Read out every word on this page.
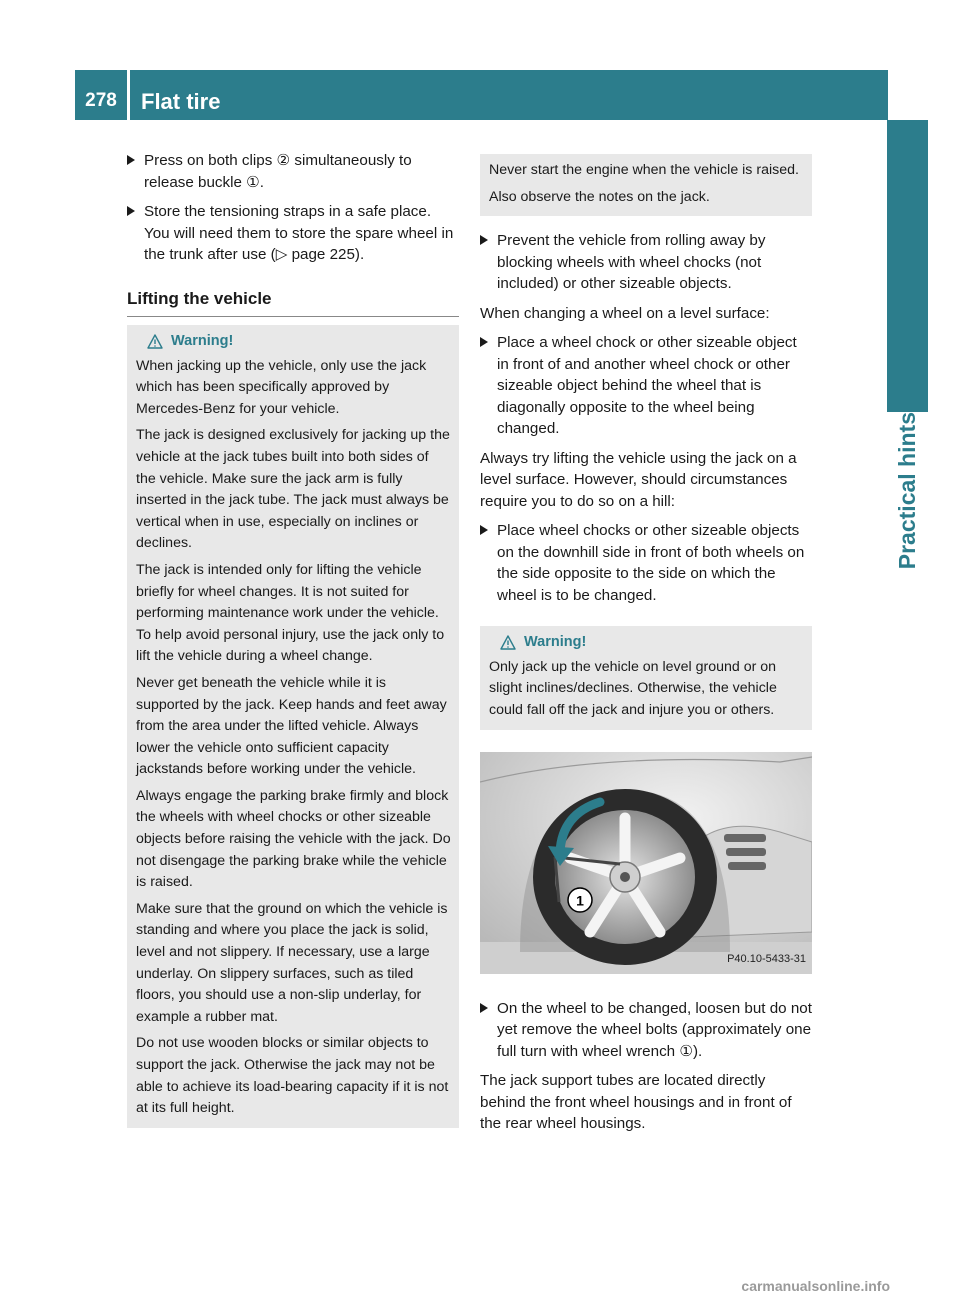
278	Flat tire
Practical hints
Press on both clips ② simultaneously to release buckle ①.
Store the tensioning straps in a safe place. You will need them to store the spare wheel in the trunk after use (▷ page 225).
Lifting the vehicle
Warning!

When jacking up the vehicle, only use the jack which has been specifically approved by Mercedes-Benz for your vehicle.

The jack is designed exclusively for jacking up the vehicle at the jack tubes built into both sides of the vehicle. Make sure the jack arm is fully inserted in the jack tube. The jack must always be vertical when in use, especially on inclines or declines.

The jack is intended only for lifting the vehicle briefly for wheel changes. It is not suited for performing maintenance work under the vehicle. To help avoid personal injury, use the jack only to lift the vehicle during a wheel change.

Never get beneath the vehicle while it is supported by the jack. Keep hands and feet away from the area under the lifted vehicle. Always lower the vehicle onto sufficient capacity jackstands before working under the vehicle.

Always engage the parking brake firmly and block the wheels with wheel chocks or other sizeable objects before raising the vehicle with the jack. Do not disengage the parking brake while the vehicle is raised.

Make sure that the ground on which the vehicle is standing and where you place the jack is solid, level and not slippery. If necessary, use a large underlay. On slippery surfaces, such as tiled floors, you should use a non-slip underlay, for example a rubber mat.

Do not use wooden blocks or similar objects to support the jack. Otherwise the jack may not be able to achieve its load-bearing capacity if it is not at its full height.

Never start the engine when the vehicle is raised.

Also observe the notes on the jack.

Prevent the vehicle from rolling away by blocking wheels with wheel chocks (not included) or other sizeable objects.

When changing a wheel on a level surface:

Place a wheel chock or other sizeable object in front of and another wheel chock or other sizeable object behind the wheel that is diagonally opposite to the wheel being changed.

Always try lifting the vehicle using the jack on a level surface. However, should circumstances require you to do so on a hill:

Place wheel chocks or other sizeable objects on the downhill side in front of both wheels on the side opposite to the side on which the wheel is to be changed.
Warning!

Only jack up the vehicle on level ground or on slight inclines/declines. Otherwise, the vehicle could fall off the jack and injure you or others.

1
P40.10-5433-31
On the wheel to be changed, loosen but do not yet remove the wheel bolts (approximately one full turn with wheel wrench ①).

The jack support tubes are located directly behind the front wheel housings and in front of the rear wheel housings.

carmanualsonline.info
